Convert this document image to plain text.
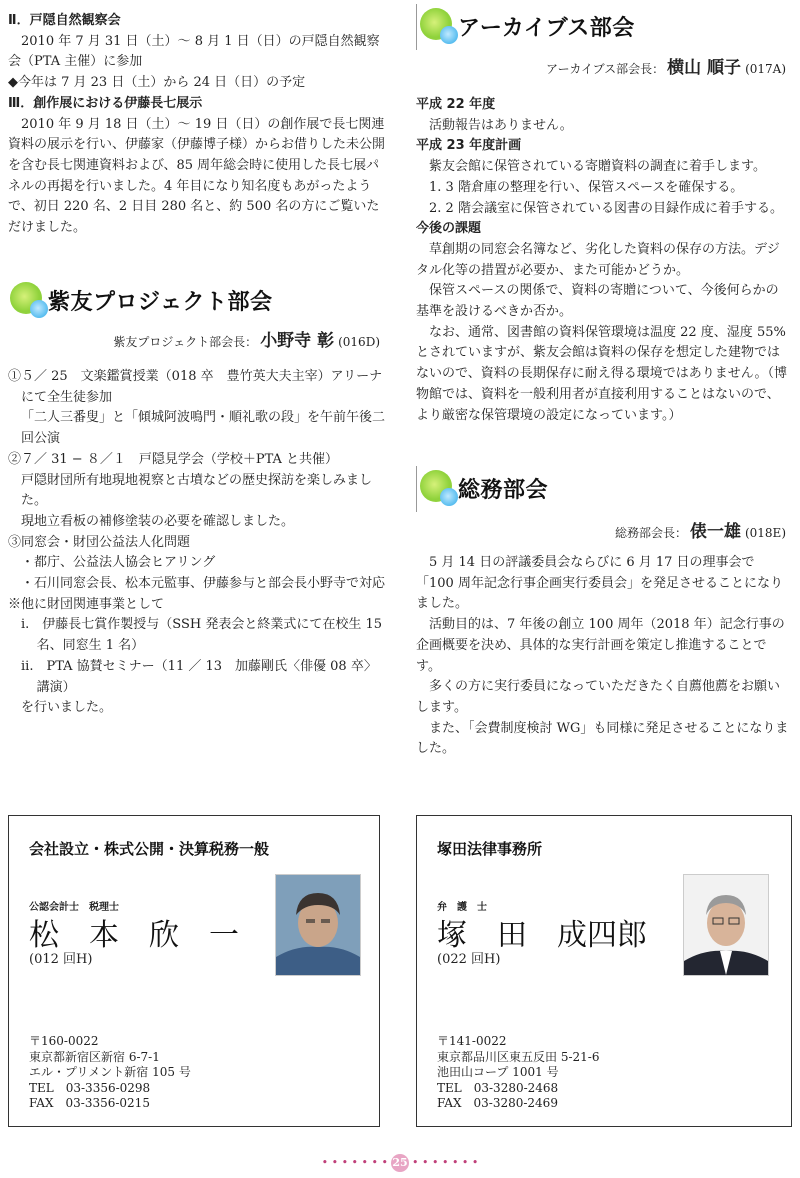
Ⅱ．戸隠自然観察会

2010 年 7 月 31 日（土）〜 8 月 1 日（日）の戸隠自然観察会（PTA 主催）に参加

◆今年は 7 月 23 日（土）から 24 日（日）の予定

Ⅲ．創作展における伊藤長七展示

2010 年 9 月 18 日（土）〜 19 日（日）の創作展で長七関連資料の展示を行い、伊藤家（伊藤博子様）からお借りした未公開を含む長七関連資料および、85 周年総会時に使用した長七展パネルの再掲を行いました。4 年目になり知名度もあがったようで、初日 220 名、2 日目 280 名と、約 500 名の方にご覧いただけました。

紫友プロジェクト部会
紫友プロジェクト部会長： 小野寺 彰 (016D)

①５／ 25　文楽鑑賞授業（018 卒　豊竹英大夫主宰）アリーナにて全生徒参加

「二人三番叟」と「傾城阿波鳴門・順礼歌の段」を午前午後二回公演

②７／ 31 − ８／１　戸隠見学会（学校＋PTA と共催）

戸隠財団所有地現地視察と古墳などの歴史探訪を楽しみました。

現地立看板の補修塗装の必要を確認しました。

③同窓会・財団公益法人化問題

・都庁、公益法人協会ヒアリング

・石川同窓会長、松本元監事、伊藤参与と部会長小野寺で対応

※他に財団関連事業として

i.　伊藤長七賞作製授与（SSH 発表会と終業式にて在校生 15 名、同窓生 1 名）

ii.　PTA 協賛セミナー（11 ／ 13　加藤剛氏〈俳優 08 卒〉講演）

を行いました。

アーカイブス部会
アーカイブス部会長： 横山 順子 (017A)

平成 22 年度

活動報告はありません。

平成 23 年度計画

紫友会館に保管されている寄贈資料の調査に着手します。

1. 3 階倉庫の整理を行い、保管スペースを確保する。

2. 2 階会議室に保管されている図書の目録作成に着手する。

今後の課題

草創期の同窓会名簿など、劣化した資料の保存の方法。デジタル化等の措置が必要か、また可能かどうか。

保管スペースの関係で、資料の寄贈について、今後何らかの基準を設けるべきか否か。

なお、通常、図書館の資料保管環境は温度 22 度、湿度 55%とされていますが、紫友会館は資料の保存を想定した建物ではないので、資料の長期保存に耐え得る環境ではありません。（博物館では、資料を一般利用者が直接利用することはないので、より厳密な保管環境の設定になっています。）

総務部会
総務部会長： 俵一雄 (018E)

5 月 14 日の評議委員会ならびに 6 月 17 日の理事会で「100 周年記念行事企画実行委員会」を発足させることになりました。

活動目的は、7 年後の創立 100 周年（2018 年）記念行事の企画概要を決め、具体的な実行計画を策定し推進することです。

多くの方に実行委員になっていただきたく自薦他薦をお願いします。

また、「会費制度検討 WG」も同様に発足させることになりました。

会社設立・株式公開・決算税務一般
公認会計士　税理士
松　本　欣　一
(012 回H)
〒160-0022
東京都新宿区新宿 6-7-1
エル・プリメント新宿 105 号
TEL　03-3356-0298
FAX　03-3356-0215
塚田法律事務所
弁　護　士
塚　田　成四郎
(022 回H)
〒141-0022
東京都品川区東五反田 5-21-6
池田山コープ 1001 号
TEL　03-3280-2468
FAX　03-3280-2469
• • • • • • • 25 • • • • • • •
